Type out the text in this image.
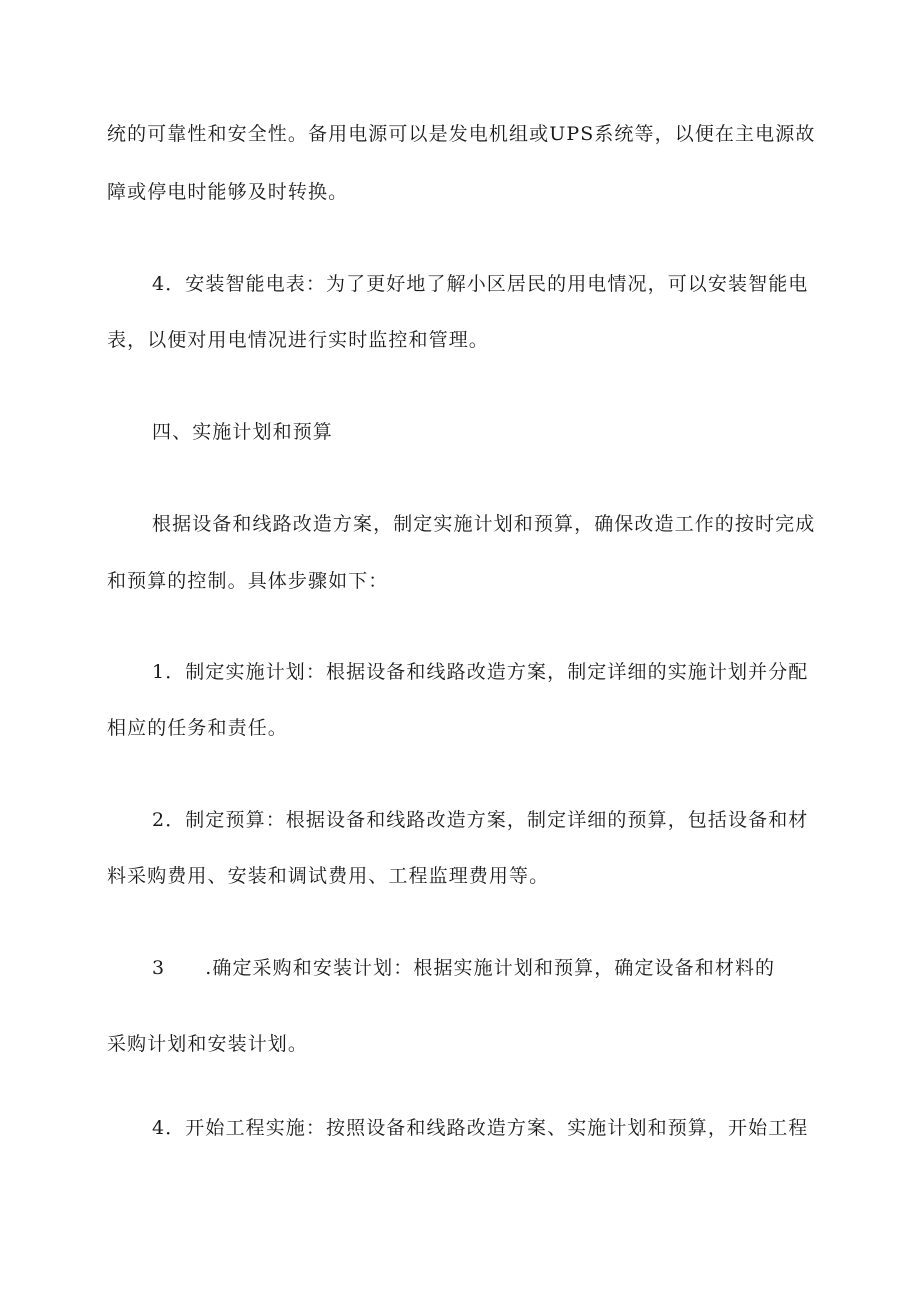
统的可靠性和安全性。备用电源可以是发电机组或UPS系统等，以便在主电源故
障或停电时能够及时转换。
4．安装智能电表：为了更好地了解小区居民的用电情况，可以安装智能电
表，以便对用电情况进行实时监控和管理。
四、实施计划和预算
根据设备和线路改造方案，制定实施计划和预算，确保改造工作的按时完成
和预算的控制。具体步骤如下：
1．制定实施计划：根据设备和线路改造方案，制定详细的实施计划并分配
相应的任务和责任。
2．制定预算：根据设备和线路改造方案，制定详细的预算，包括设备和材
料采购费用、安装和调试费用、工程监理费用等。
3 .确定采购和安装计划：根据实施计划和预算，确定设备和材料的
采购计划和安装计划。
4．开始工程实施：按照设备和线路改造方案、实施计划和预算，开始工程
